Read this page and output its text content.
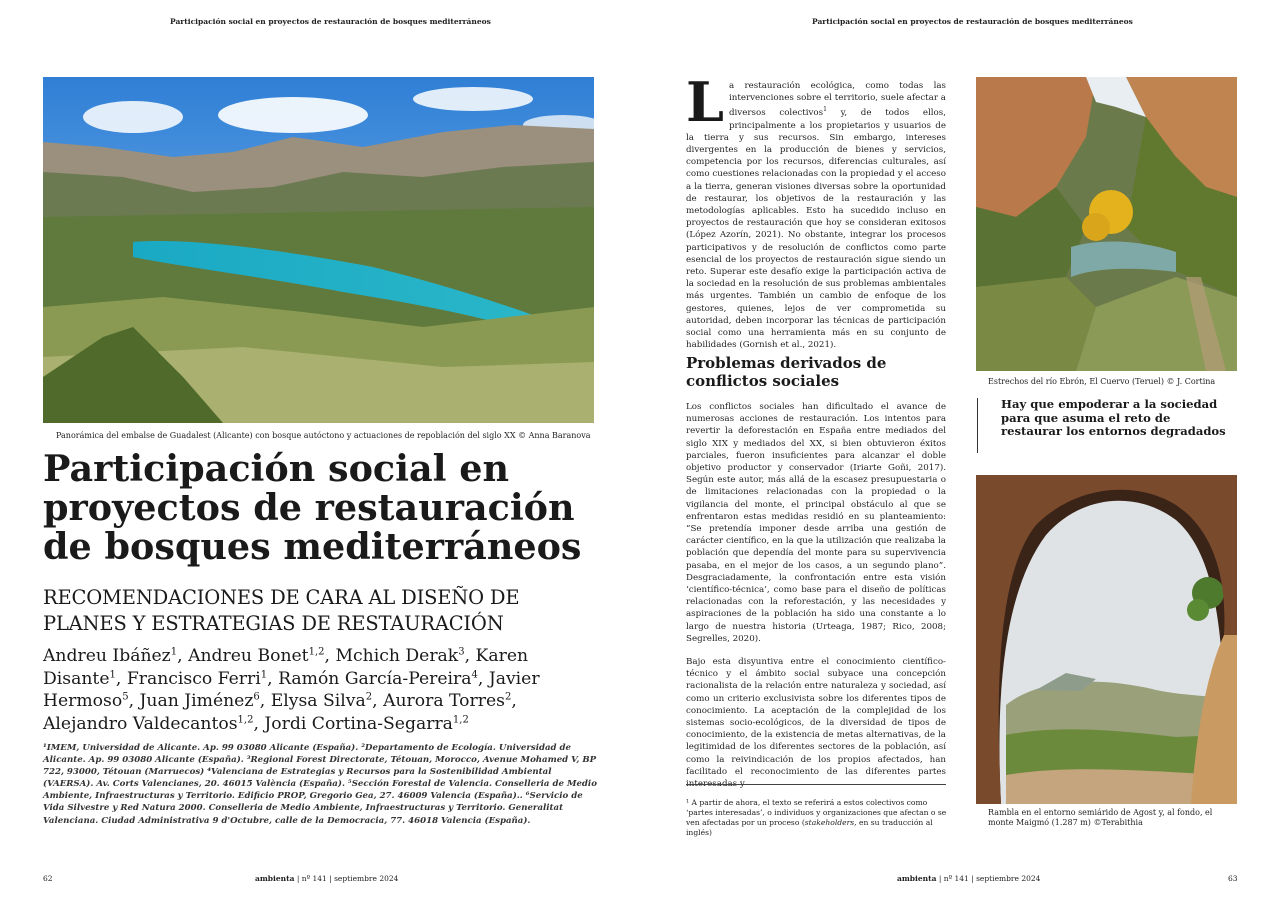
Participación social en proyectos de restauración de bosques mediterráneos
Panorámica del embalse de Guadalest (Alicante) con bosque autóctono y actuaciones de repoblación del siglo XX © Anna Baranova
Participación social en proyectos de restauración de bosques mediterráneos
RECOMENDACIONES DE CARA AL DISEÑO DE PLANES Y ESTRATEGIAS DE RESTAURACIÓN

Andreu Ibáñez$^1$, Andreu Bonet$^{1,2}$, Mchich Derak$^3$, Karen Disante$^1$, Francisco Ferri$^1$, Ramón García-Pereira$^4$, Javier Hermoso$^5$, Juan Jiménez$^6$, Elysa Silva$^2$, Aurora Torres$^2$, Alejandro Valdecantos$^{1,2}$, Jordi Cortina-Segarra$^{1,2}$

¹IMEM, Universidad de Alicante. Ap. 99 03080 Alicante (España). ²Departamento de Ecología. Universidad de Alicante. Ap. 99 03080 Alicante (España). ³Regional Forest Directorate, Tétouan, Morocco, Avenue Mohamed V, BP 722, 93000, Tétouan (Marruecos) ⁴Valenciana de Estrategias y Recursos para la Sostenibilidad Ambiental (VAERSA). Av. Corts Valencianes, 20. 46015 València (España). ⁵Sección Forestal de Valencia. Conselleria de Medio Ambiente, Infraestructuras y Territorio. Edificio PROP, Gregorio Gea, 27. 46009 Valencia (España).. ⁶Servicio de Vida Silvestre y Red Natura 2000. Conselleria de Medio Ambiente, Infraestructuras y Territorio. Generalitat Valenciana. Ciudad Administrativa 9 d'Octubre, calle de la Democracia, 77. 46018 Valencia (España).
62	ambienta | nº 141 | septiembre 2024
Participación social en proyectos de restauración de bosques mediterráneos

La restauración ecológica, como todas las intervenciones sobre el territorio, suele afectar a diversos colectivos$^1$ y, de todos ellos, principalmente a los propietarios y usuarios de la tierra y sus recursos. Sin embargo, intereses divergentes en la producción de bienes y servicios, competencia por los recursos, diferencias culturales, así como cuestiones relacionadas con la propiedad y el acceso a la tierra, generan visiones diversas sobre la oportunidad de restaurar, los objetivos de la restauración y las metodologías aplicables. Esto ha sucedido incluso en proyectos de restauración que hoy se consideran exitosos (López Azorín, 2021). No obstante, integrar los procesos participativos y de resolución de conflictos como parte esencial de los proyectos de restauración sigue siendo un reto. Superar este desafío exige la participación activa de la sociedad en la resolución de sus problemas ambientales más urgentes. También un cambio de enfoque de los gestores, quienes, lejos de ver comprometida su autoridad, deben incorporar las técnicas de participación social como una herramienta más en su conjunto de habilidades (Gornish et al., 2021).

Problemas derivados de conflictos sociales

Los conflictos sociales han dificultado el avance de numerosas acciones de restauración. Los intentos para revertir la deforestación en España entre mediados del siglo XIX y mediados del XX, si bien obtuvieron éxitos parciales, fueron insuficientes para alcanzar el doble objetivo productor y conservador (Iriarte Goñi, 2017). Según este autor, más allá de la escasez presupuestaria o de limitaciones relacionadas con la propiedad o la vigilancia del monte, el principal obstáculo al que se enfrentaron estas medidas residió en su planteamiento: “Se pretendía imponer desde arriba una gestión de carácter científico, en la que la utilización que realizaba la población que dependía del monte para su supervivencia pasaba, en el mejor de los casos, a un segundo plano”. Desgraciadamente, la confrontación entre esta visión ‘científico-técnica’, como base para el diseño de políticas relacionadas con la reforestación, y las necesidades y aspiraciones de la población ha sido una constante a lo largo de nuestra historia (Urteaga, 1987; Rico, 2008; Segrelles, 2020).

Bajo esta disyuntiva entre el conocimiento científico-técnico y el ámbito social subyace una concepción racionalista de la relación entre naturaleza y sociedad, así como un criterio exclusivista sobre los diferentes tipos de conocimiento. La aceptación de la complejidad de los sistemas socio-ecológicos, de la diversidad de tipos de conocimiento, de la existencia de metas alternativas, de la legitimidad de los diferentes sectores de la población, así como la reivindicación de los propios afectados, han facilitado el reconocimiento de las diferentes partes interesadas y

¹ A partir de ahora, el texto se referirá a estos colectivos como ‘partes interesadas’, o individuos y organizaciones que afectan o se ven afectadas por un proceso (stakeholders, en su traducción al inglés)
Estrechos del río Ebrón, El Cuervo (Teruel) © J. Cortina
Hay que empoderar a la sociedad para que asuma el reto de restaurar los entornos degradados
Rambla en el entorno semiárido de Agost y, al fondo, el monte Maigmó (1.287 m) ©Terabithia
ambienta | nº 141 | septiembre 2024	63
